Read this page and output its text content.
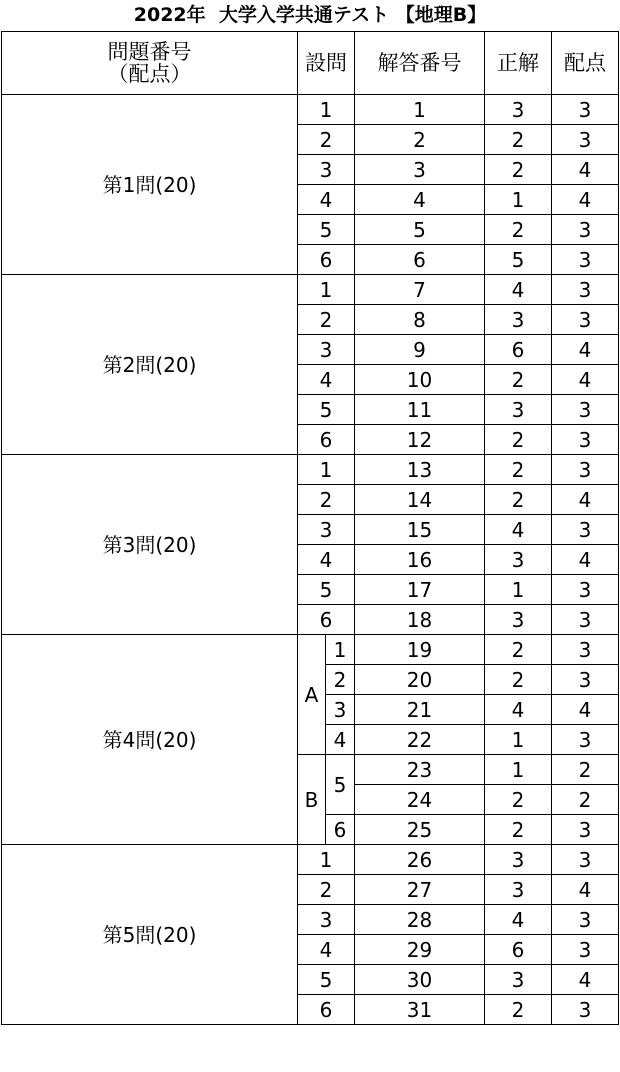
2022年  大学入学共通テスト 【地理B】
問題番号
（配点）	設問		解答番号	正解	配点
第1問(20)	1		1	3	3
	2		2	2	3
	3		3	2	4
	4		4	1	4
	5		5	2	3
	6		6	5	3
第2問(20)	1		7	4	3
	2		8	3	3
	3		9	6	4
	4		10	2	4
	5		11	3	3
	6		12	2	3
第3問(20)	1		13	2	3
	2		14	2	4
	3		15	4	3
	4		16	3	4
	5		17	1	3
	6		18	3	3
第4問(20)	A	1	19	2	3
		2	20	2	3
		3	21	4	4
		4	22	1	3
	B	5	23	1	2
			24	2	2
		6	25	2	3
第5問(20)	1		26	3	3
	2		27	3	4
	3		28	4	3
	4		29	6	3
	5		30	3	4
	6		31	2	3
